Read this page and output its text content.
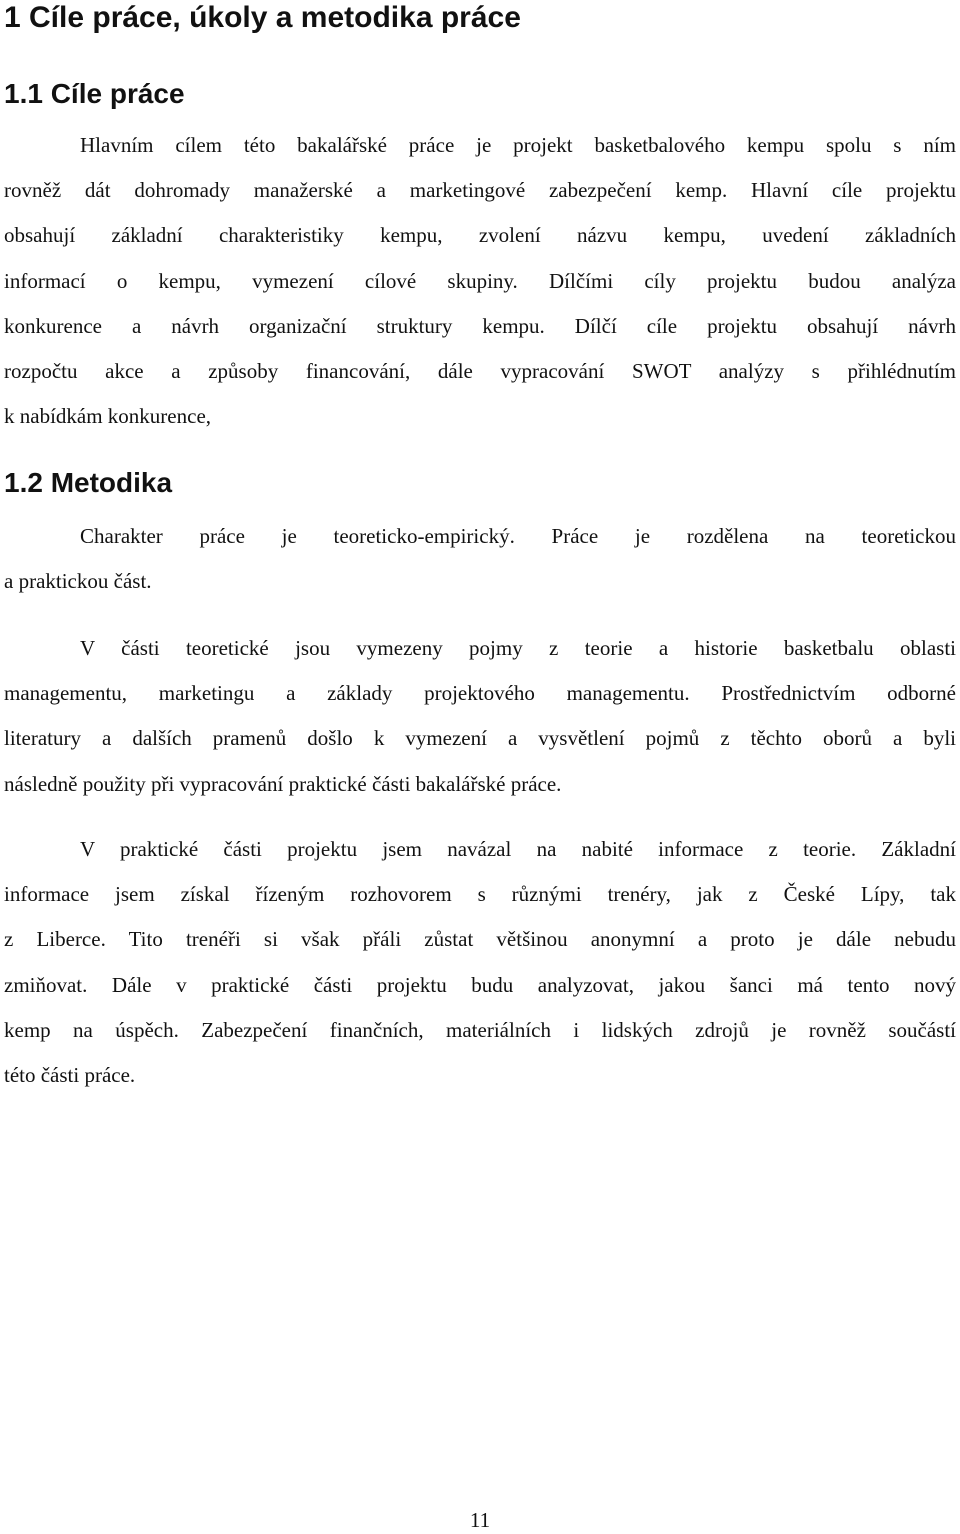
1 Cíle práce, úkoly a metodika práce
1.1 Cíle práce
Hlavním cílem této bakalářské práce je projekt basketbalového kempu spolu s ním
rovněž dát dohromady manažerské a marketingové zabezpečení kemp. Hlavní cíle projektu
obsahují základní charakteristiky kempu, zvolení názvu kempu, uvedení základních
informací o kempu, vymezení cílové skupiny. Dílčími cíly projektu budou analýza
konkurence a návrh organizační struktury kempu. Dílčí cíle projektu obsahují návrh
rozpočtu akce a způsoby financování, dále vypracování SWOT analýzy s přihlédnutím
k nabídkám konkurence,
1.2 Metodika
Charakter práce je teoreticko-empirický. Práce je rozdělena na teoretickou
a praktickou část.
V části teoretické jsou vymezeny pojmy z teorie a historie basketbalu oblasti
managementu, marketingu a základy projektového managementu. Prostřednictvím odborné
literatury a dalších pramenů došlo k vymezení a vysvětlení pojmů z těchto oborů a byli
následně použity při vypracování praktické části bakalářské práce.
V praktické části projektu jsem navázal na nabité informace z teorie. Základní
informace jsem získal řízeným rozhovorem s různými trenéry, jak z České Lípy, tak
z Liberce. Tito trenéři si však přáli zůstat většinou anonymní a proto je dále nebudu
zmiňovat. Dále v praktické části projektu budu analyzovat, jakou šanci má tento nový
kemp na úspěch. Zabezpečení finančních, materiálních i lidských zdrojů je rovněž součástí
této části práce.
11
